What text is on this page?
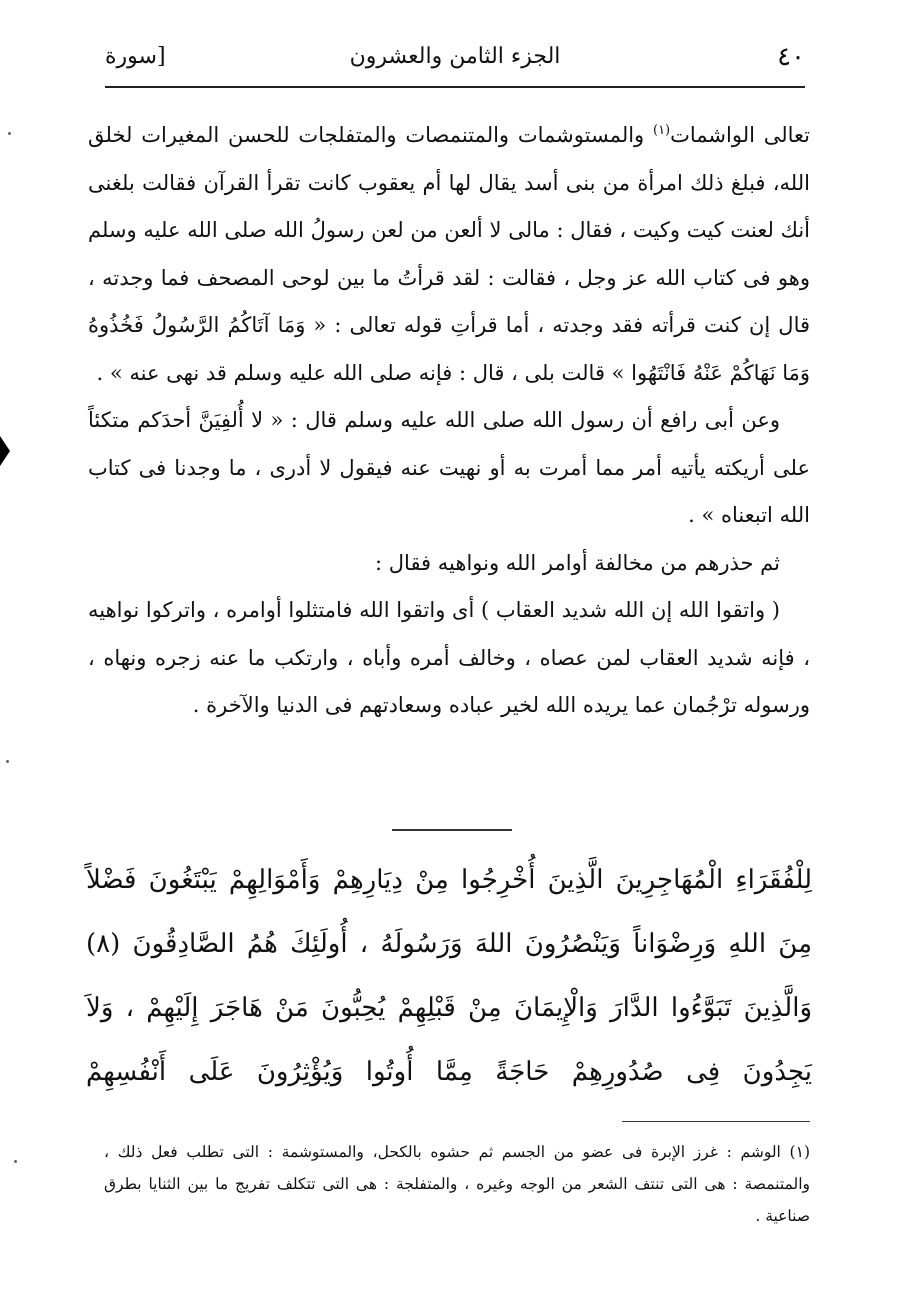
٤٠
الجزء الثامن والعشرون
[سورة

تعالى الواشمات$^{(١)}$ والمستوشمات والمتنمصات والمتفلجات للحسن المغيرات لخلق الله، فبلغ ذلك امرأة من بنى أسد يقال لها أم يعقوب كانت تقرأ القرآن فقالت بلغنى أنك لعنت كيت وكيت ، فقال : مالى لا ألعن من لعن رسولُ الله صلى الله عليه وسلم وهو فى كتاب الله عز وجل ، فقالت : لقد قرأتُ ما بين لوحى المصحف فما وجدته ، قال إن كنت قرأته فقد وجدته ، أما قرأتِ قوله تعالى : « وَمَا آتَاكُمُ الرَّسُولُ فَخُذُوهُ وَمَا نَهَاكُمْ عَنْهُ فَانْتَهُوا » قالت بلى ، قال : فإنه صلى الله عليه وسلم قد نهى عنه » .

وعن أبى رافع أن رسول الله صلى الله عليه وسلم قال : « لا أُلفِيَنَّ أحدَكم متكئاً على أريكته يأتيه أمر مما أمرت به أو نهيت عنه فيقول لا أدرى ، ما وجدنا فى كتاب الله اتبعناه » .

ثم حذرهم من مخالفة أوامر الله ونواهيه فقال :

( واتقوا الله إن الله شديد العقاب ) أى واتقوا الله فامتثلوا أوامره ، واتركوا نواهيه ، فإنه شديد العقاب لمن عصاه ، وخالف أمره وأباه ، وارتكب ما عنه زجره ونهاه ، ورسوله ترْجُمان عما يريده الله لخير عباده وسعادتهم فى الدنيا والآخرة .

لِلْفُقَرَاءِ الْمُهَاجِرِينَ الَّذِينَ أُخْرِجُوا مِنْ دِيَارِهِمْ وَأَمْوَالِهِمْ يَبْتَغُونَ فَضْلاً مِنَ اللهِ وَرِضْوَاناً وَيَنْصُرُونَ اللهَ وَرَسُولَهُ ، أُولَئِكَ هُمُ الصَّادِقُونَ (٨) وَالَّذِينَ تَبَوَّءُوا الدَّارَ وَالْإِيمَانَ مِنْ قَبْلِهِمْ يُحِبُّونَ مَنْ هَاجَرَ إِلَيْهِمْ ، وَلاَ يَجِدُونَ فِى صُدُورِهِمْ حَاجَةً مِمَّا أُوتُوا وَيُؤْثِرُونَ عَلَى أَنْفُسِهِمْ

(١) الوشم : غرز الإبرة فى عضو من الجسم ثم حشوه بالكحل، والمستوشمة : التى تطلب فعل ذلك ، والمتنمصة : هى التى تنتف الشعر من الوجه وغيره ، والمتفلجة : هى التى تتكلف تفريج ما بين الثنايا بطرق صناعية .
